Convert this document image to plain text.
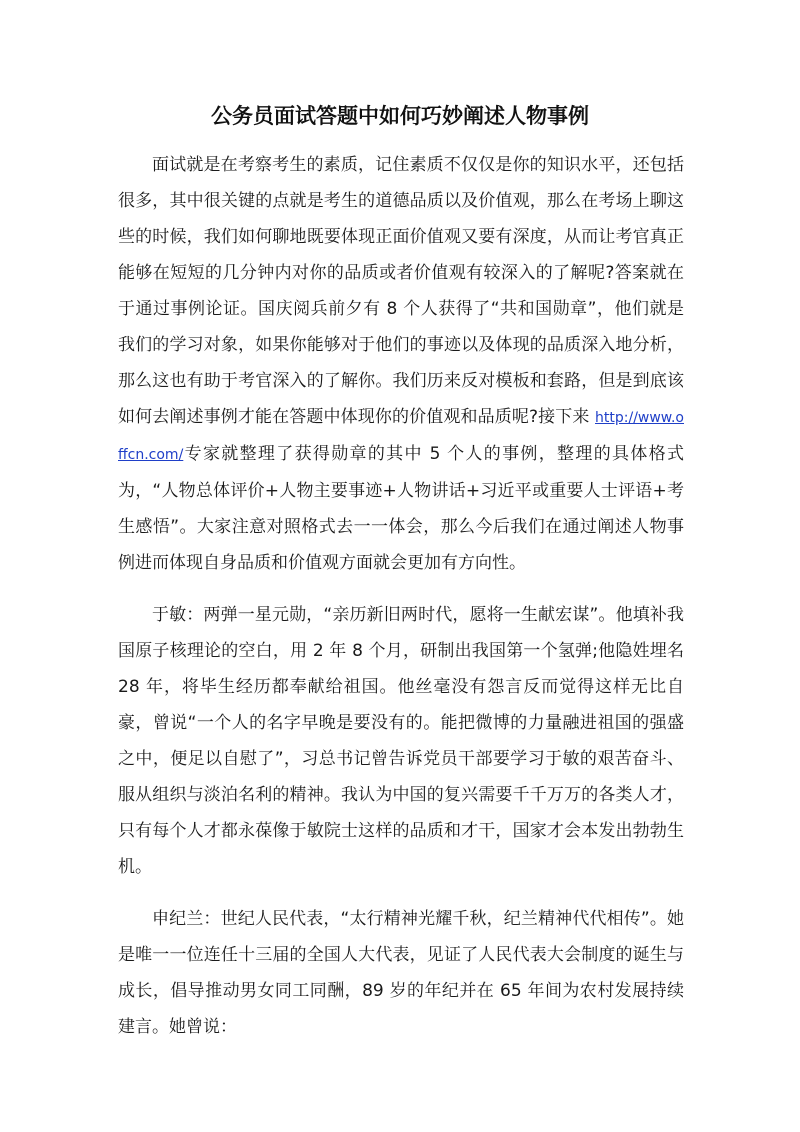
公务员面试答题中如何巧妙阐述人物事例

面试就是在考察考生的素质，记住素质不仅仅是你的知识水平，还包括很多，其中很关键的点就是考生的道德品质以及价值观，那么在考场上聊这些的时候，我们如何聊地既要体现正面价值观又要有深度，从而让考官真正能够在短短的几分钟内对你的品质或者价值观有较深入的了解呢?答案就在于通过事例论证。国庆阅兵前夕有 8 个人获得了“共和国勋章”，他们就是我们的学习对象，如果你能够对于他们的事迹以及体现的品质深入地分析，那么这也有助于考官深入的了解你。我们历来反对模板和套路，但是到底该如何去阐述事例才能在答题中体现你的价值观和品质呢?接下来 http://www.offcn.com/专家就整理了获得勋章的其中 5 个人的事例，整理的具体格式为，“人物总体评价+人物主要事迹+人物讲话+习近平或重要人士评语+考生感悟”。大家注意对照格式去一一体会，那么今后我们在通过阐述人物事例进而体现自身品质和价值观方面就会更加有方向性。

于敏：两弹一星元勋，“亲历新旧两时代，愿将一生献宏谋”。他填补我国原子核理论的空白，用 2 年 8 个月，研制出我国第一个氢弹;他隐姓埋名 28 年，将毕生经历都奉献给祖国。他丝毫没有怨言反而觉得这样无比自豪，曾说“一个人的名字早晚是要没有的。能把微博的力量融进祖国的强盛之中，便足以自慰了”，习总书记曾告诉党员干部要学习于敏的艰苦奋斗、服从组织与淡泊名利的精神。我认为中国的复兴需要千千万万的各类人才，只有每个人才都永葆像于敏院士这样的品质和才干，国家才会本发出勃勃生机。

申纪兰：世纪人民代表，“太行精神光耀千秋，纪兰精神代代相传”。她是唯一一位连任十三届的全国人大代表，见证了人民代表大会制度的诞生与成长，倡导推动男女同工同酬，89 岁的年纪并在 65 年间为农村发展持续建言。她曾说：
